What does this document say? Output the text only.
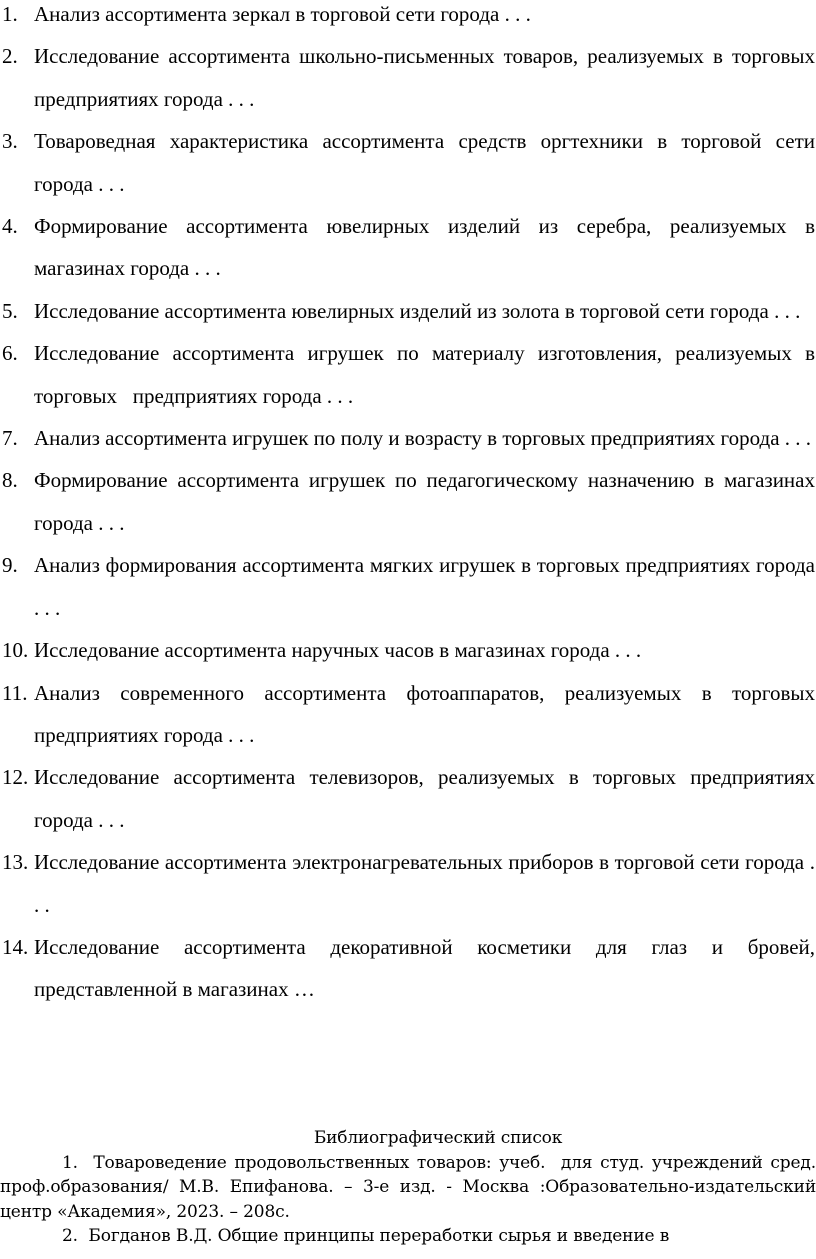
1. Анализ ассортимента зеркал в торговой сети города . . .
2. Исследование ассортимента школьно-письменных товаров, реализуемых в торговых предприятиях города . . .
3. Товароведная характеристика ассортимента средств оргтехники в торговой сети города . . .
4. Формирование ассортимента ювелирных изделий из серебра, реализуемых в магазинах города . . .
5. Исследование ассортимента ювелирных изделий из золота в торговой сети города . . .
6. Исследование ассортимента игрушек по материалу изготовления, реализуемых в торговых   предприятиях города . . .
7. Анализ ассортимента игрушек по полу и возрасту в торговых предприятиях города . . .
8. Формирование ассортимента игрушек по педагогическому назначению в магазинах города . . .
9. Анализ формирования ассортимента мягких игрушек в торговых предприятиях города . . .
10. Исследование ассортимента наручных часов в магазинах города . . .
11. Анализ современного ассортимента фотоаппаратов, реализуемых в торговых предприятиях города . . .
12. Исследование ассортимента телевизоров, реализуемых в торговых предприятиях города . . .
13. Исследование ассортимента электронагревательных приборов в торговой сети города . . .
14. Исследование ассортимента декоративной косметики для глаз и бровей, представленной в магазинах …
Библиографический список

1.  Товароведение продовольственных товаров: учеб.  для студ. учреждений сред. проф.образования/ М.В. Епифанова. – 3-е изд. - Москва :Образовательно-издательский центр «Академия», 2023. – 208с.

2.  Богданов В.Д. Общие принципы переработки сырья и введение в
